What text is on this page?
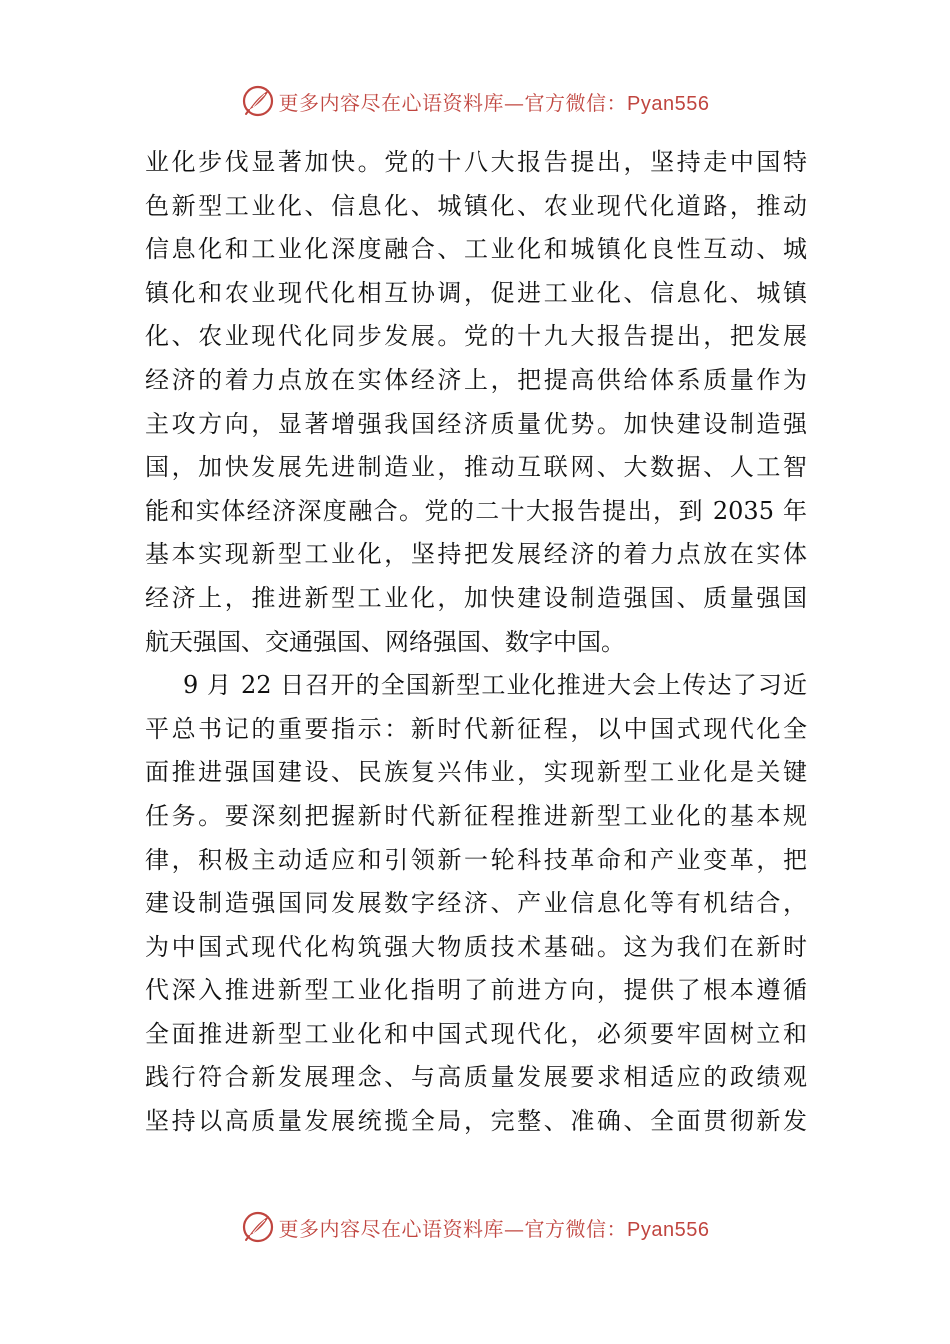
更多内容尽在心语资料库—官方微信：Pyan556
业化步伐显著加快。党的十八大报告提出，坚持走中国特
色新型工业化、信息化、城镇化、农业现代化道路，推动
信息化和工业化深度融合、工业化和城镇化良性互动、城
镇化和农业现代化相互协调，促进工业化、信息化、城镇
化、农业现代化同步发展。党的十九大报告提出，把发展
经济的着力点放在实体经济上，把提高供给体系质量作为
主攻方向，显著增强我国经济质量优势。加快建设制造强
国，加快发展先进制造业，推动互联网、大数据、人工智
能和实体经济深度融合。党的二十大报告提出，到 2035 年
基本实现新型工业化，坚持把发展经济的着力点放在实体
经济上，推进新型工业化，加快建设制造强国、质量强国
航天强国、交通强国、网络强国、数字中国。
9 月 22 日召开的全国新型工业化推进大会上传达了习近
平总书记的重要指示：新时代新征程，以中国式现代化全
面推进强国建设、民族复兴伟业，实现新型工业化是关键
任务。要深刻把握新时代新征程推进新型工业化的基本规
律，积极主动适应和引领新一轮科技革命和产业变革，把
建设制造强国同发展数字经济、产业信息化等有机结合，
为中国式现代化构筑强大物质技术基础。这为我们在新时
代深入推进新型工业化指明了前进方向，提供了根本遵循
全面推进新型工业化和中国式现代化，必须要牢固树立和
践行符合新发展理念、与高质量发展要求相适应的政绩观
坚持以高质量发展统揽全局，完整、准确、全面贯彻新发
更多内容尽在心语资料库—官方微信：Pyan556
